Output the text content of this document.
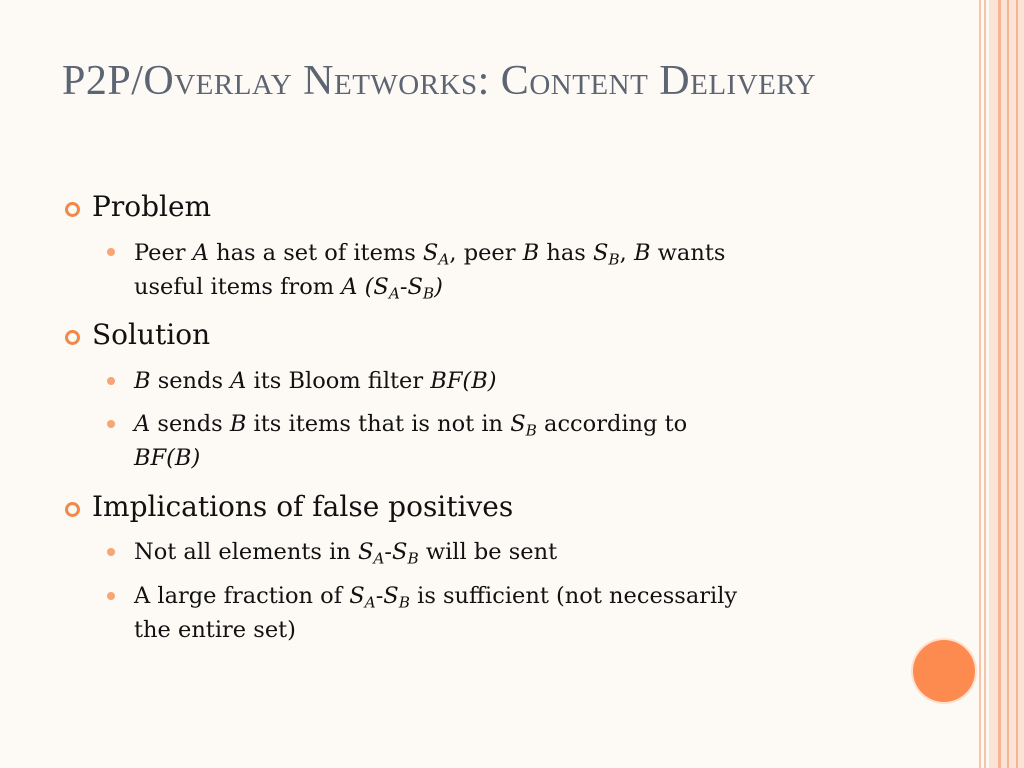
P2P/Overlay Networks: Content Delivery
Problem
Peer A has a set of items $S_A$, peer B has $S_B$, B wants
useful items from A $(S_A-S_B)$
Solution
B sends A its Bloom filter BF(B)
A sends B its items that is not in $S_B$ according to
BF(B)
Implications of false positives
Not all elements in $S_A-S_B$ will be sent
A large fraction of $S_A-S_B$ is sufficient (not necessarily
the entire set)
